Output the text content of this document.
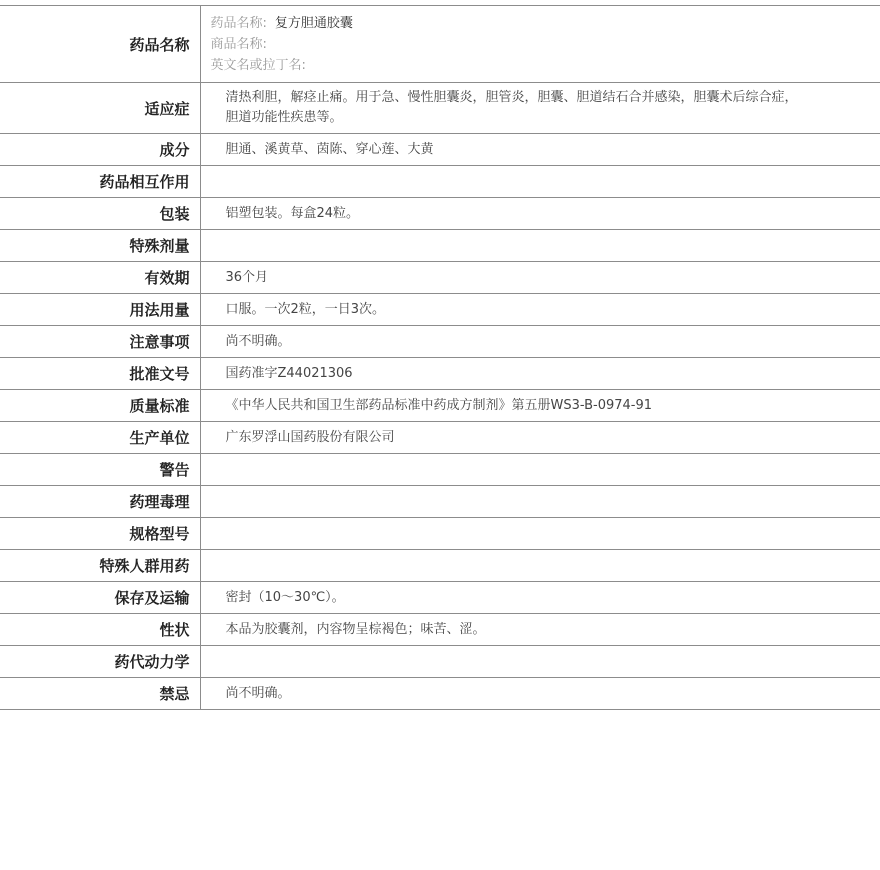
药品名称	药品名称: 复方胆通胶囊
商品名称:
英文名或拉丁名:

适应症	清热利胆，解痉止痛。用于急、慢性胆囊炎，胆管炎，胆囊、胆道结石合并感染，胆囊术后综合症，胆道功能性疾患等。
成分	胆通、溪黄草、茵陈、穿心莲、大黄
药品相互作用	
包装	铝塑包装。每盒24粒。
特殊剂量	
有效期	36个月
用法用量	口服。一次2粒，一日3次。
注意事项	尚不明确。
批准文号	国药准字Z44021306
质量标准	《中华人民共和国卫生部药品标准中药成方制剂》第五册WS3-B-0974-91
生产单位	广东罗浮山国药股份有限公司
警告	
药理毒理	
规格型号	
特殊人群用药	
保存及运输	密封（10～30℃）。
性状	本品为胶囊剂，内容物呈棕褐色；味苦、涩。
药代动力学	
禁忌	尚不明确。
